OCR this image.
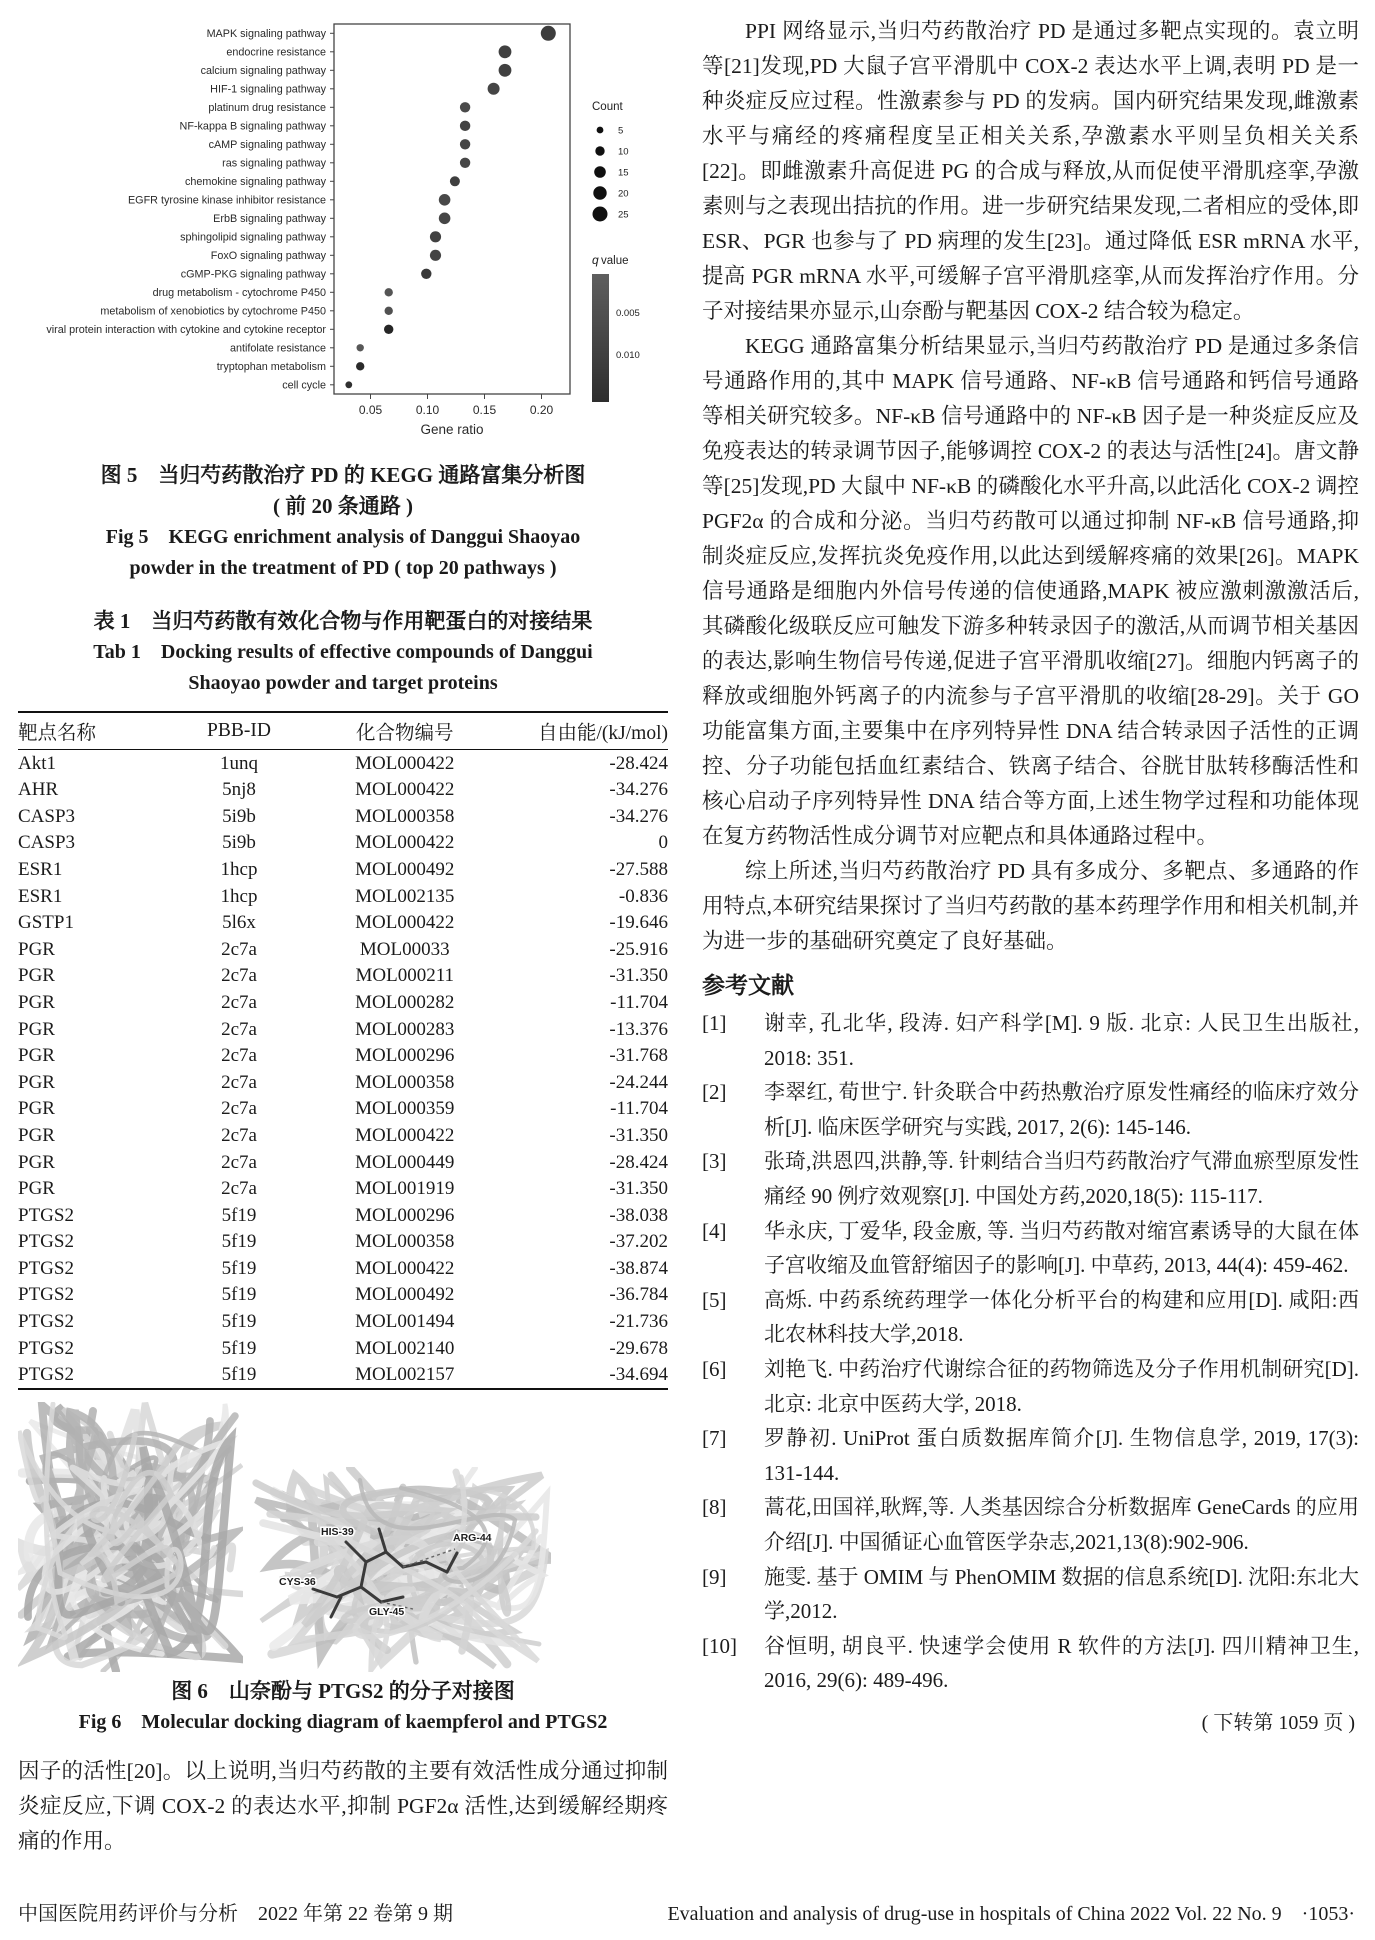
MAPK signaling pathway
endocrine resistance
calcium signaling pathway
HIF-1 signaling pathway
platinum drug resistance
NF-kappa B signaling pathway
cAMP signaling pathway
ras signaling pathway
chemokine signaling pathway
EGFR tyrosine kinase inhibitor resistance
ErbB signaling pathway
sphingolipid signaling pathway
FoxO signaling pathway
cGMP-PKG signaling pathway
drug metabolism - cytochrome P450
metabolism of xenobiotics by cytochrome P450
viral protein interaction with cytokine and cytokine receptor
antifolate resistance
tryptophan metabolism
cell cycle
0.05	0.10	0.15	0.20
Gene ratio
Count
5
10
15
20
25
q value
0.005
0.010
图 5　当归芍药散治疗 PD 的 KEGG 通路富集分析图
( 前 20 条通路 )
Fig 5　KEGG enrichment analysis of Danggui Shaoyao
powder in the treatment of PD ( top 20 pathways )
表 1　当归芍药散有效化合物与作用靶蛋白的对接结果
Tab 1　Docking results of effective compounds of Danggui
Shaoyao powder and target proteins
靶点名称	PBB-ID	化合物编号	自由能/(kJ/mol)
Akt1	1unq	MOL000422	-28.424
AHR	5nj8	MOL000422	-34.276
CASP3	5i9b	MOL000358	-34.276
CASP3	5i9b	MOL000422	0
ESR1	1hcp	MOL000492	-27.588
ESR1	1hcp	MOL002135	-0.836
GSTP1	5l6x	MOL000422	-19.646
PGR	2c7a	MOL00033	-25.916
PGR	2c7a	MOL000211	-31.350
PGR	2c7a	MOL000282	-11.704
PGR	2c7a	MOL000283	-13.376
PGR	2c7a	MOL000296	-31.768
PGR	2c7a	MOL000358	-24.244
PGR	2c7a	MOL000359	-11.704
PGR	2c7a	MOL000422	-31.350
PGR	2c7a	MOL000449	-28.424
PGR	2c7a	MOL001919	-31.350
PTGS2	5f19	MOL000296	-38.038
PTGS2	5f19	MOL000358	-37.202
PTGS2	5f19	MOL000422	-38.874
PTGS2	5f19	MOL000492	-36.784
PTGS2	5f19	MOL001494	-21.736
PTGS2	5f19	MOL002140	-29.678
PTGS2	5f19	MOL002157	-34.694
HIS-39	ARG-44
CYS-36
GLY-45
图 6　山奈酚与 PTGS2 的分子对接图
Fig 6　Molecular docking diagram of kaempferol and PTGS2
因子的活性[20]。以上说明,当归芍药散的主要有效活性成分通过抑制炎症反应,下调 COX-2 的表达水平,抑制 PGF2α 活性,达到缓解经期疼痛的作用。
PPI 网络显示,当归芍药散治疗 PD 是通过多靶点实现的。袁立明等[21]发现,PD 大鼠子宫平滑肌中 COX-2 表达水平上调,表明 PD 是一种炎症反应过程。性激素参与 PD 的发病。国内研究结果发现,雌激素水平与痛经的疼痛程度呈正相关关系,孕激素水平则呈负相关关系[22]。即雌激素升高促进 PG 的合成与释放,从而促使平滑肌痉挛,孕激素则与之表现出拮抗的作用。进一步研究结果发现,二者相应的受体,即 ESR、PGR 也参与了 PD 病理的发生[23]。通过降低 ESR mRNA 水平,提高 PGR mRNA 水平,可缓解子宫平滑肌痉挛,从而发挥治疗作用。分子对接结果亦显示,山奈酚与靶基因 COX-2 结合较为稳定。
KEGG 通路富集分析结果显示,当归芍药散治疗 PD 是通过多条信号通路作用的,其中 MAPK 信号通路、NF-κB 信号通路和钙信号通路等相关研究较多。NF-κB 信号通路中的 NF-κB 因子是一种炎症反应及免疫表达的转录调节因子,能够调控 COX-2 的表达与活性[24]。唐文静等[25]发现,PD 大鼠中 NF-κB 的磷酸化水平升高,以此活化 COX-2 调控 PGF2α 的合成和分泌。当归芍药散可以通过抑制 NF-κB 信号通路,抑制炎症反应,发挥抗炎免疫作用,以此达到缓解疼痛的效果[26]。MAPK 信号通路是细胞内外信号传递的信使通路,MAPK 被应激刺激激活后,其磷酸化级联反应可触发下游多种转录因子的激活,从而调节相关基因的表达,影响生物信号传递,促进子宫平滑肌收缩[27]。细胞内钙离子的释放或细胞外钙离子的内流参与子宫平滑肌的收缩[28-29]。关于 GO 功能富集方面,主要集中在序列特异性 DNA 结合转录因子活性的正调控、分子功能包括血红素结合、铁离子结合、谷胱甘肽转移酶活性和核心启动子序列特异性 DNA 结合等方面,上述生物学过程和功能体现在复方药物活性成分调节对应靶点和具体通路过程中。
综上所述,当归芍药散治疗 PD 具有多成分、多靶点、多通路的作用特点,本研究结果探讨了当归芍药散的基本药理学作用和相关机制,并为进一步的基础研究奠定了良好基础。
参考文献
[1]	谢幸, 孔北华, 段涛. 妇产科学[M]. 9 版. 北京: 人民卫生出版社, 2018: 351.
[2]	李翠红, 荀世宁. 针灸联合中药热敷治疗原发性痛经的临床疗效分析[J]. 临床医学研究与实践, 2017, 2(6): 145-146.
[3]	张琦,洪恩四,洪静,等. 针刺结合当归芍药散治疗气滞血瘀型原发性痛经 90 例疗效观察[J]. 中国处方药,2020,18(5): 115-117.
[4]	华永庆, 丁爱华, 段金廒, 等. 当归芍药散对缩宫素诱导的大鼠在体子宫收缩及血管舒缩因子的影响[J]. 中草药, 2013, 44(4): 459-462.
[5]	高烁. 中药系统药理学一体化分析平台的构建和应用[D]. 咸阳:西北农林科技大学,2018.
[6]	刘艳飞. 中药治疗代谢综合征的药物筛选及分子作用机制研究[D]. 北京: 北京中医药大学, 2018.
[7]	罗静初. UniProt 蛋白质数据库简介[J]. 生物信息学, 2019, 17(3): 131-144.
[8]	蒿花,田国祥,耿辉,等. 人类基因综合分析数据库 GeneCards 的应用介绍[J]. 中国循证心血管医学杂志,2021,13(8):902-906.
[9]	施雯. 基于 OMIM 与 PhenOMIM 数据的信息系统[D]. 沈阳:东北大学,2012.
[10]	谷恒明, 胡良平. 快速学会使用 R 软件的方法[J]. 四川精神卫生, 2016, 29(6): 489-496.
( 下转第 1059 页 )
中国医院用药评价与分析　2022 年第 22 卷第 9 期	Evaluation and analysis of drug-use in hospitals of China 2022 Vol. 22 No. 9　·1053·
